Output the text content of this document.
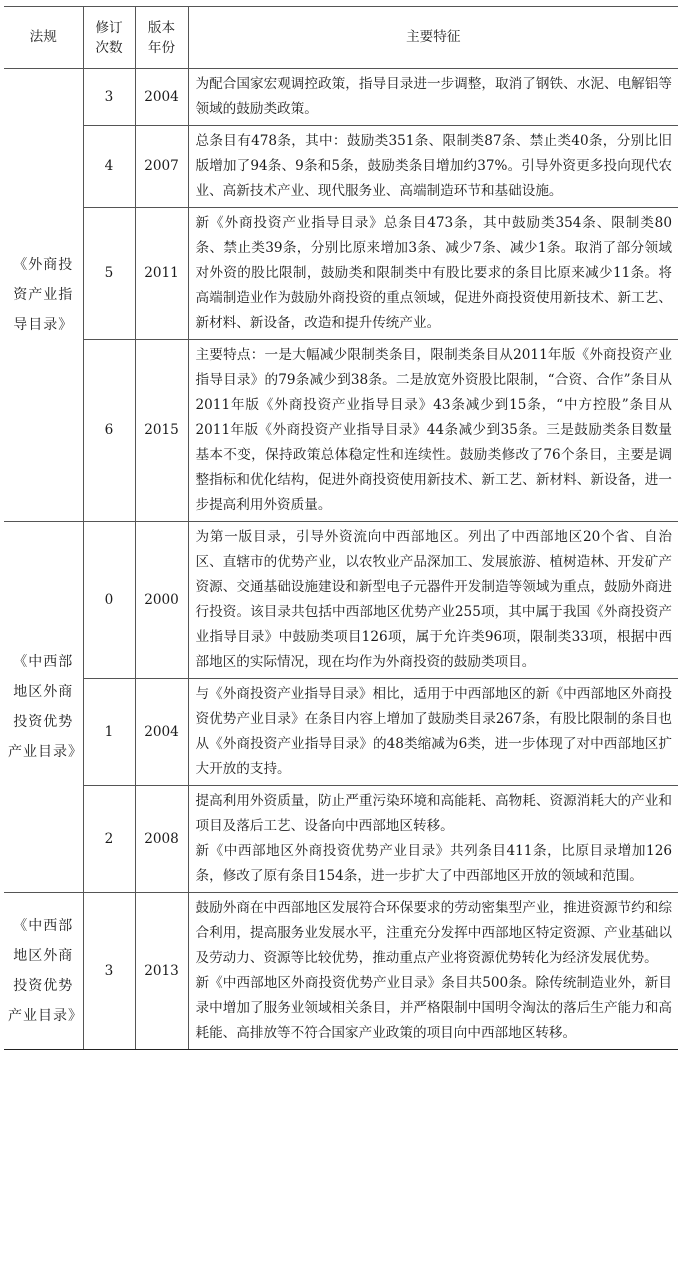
法规	修订次数	版本年份	主要特征
《外商投资产业指导目录》	3	2004	为配合国家宏观调控政策，指导目录进一步调整，取消了钢铁、水泥、电解铝等领域的鼓励类政策。

	4	2007	总条目有478条，其中：鼓励类351条、限制类87条、禁止类40条，分别比旧版增加了94条、9条和5条，鼓励类条目增加约37%。引导外资更多投向现代农业、高新技术产业、现代服务业、高端制造环节和基础设施。

	5	2011	新《外商投资产业指导目录》总条目473条，其中鼓励类354条、限制类80条、禁止类39条，分别比原来增加3条、减少7条、减少1条。取消了部分领域对外资的股比限制，鼓励类和限制类中有股比要求的条目比原来减少11条。将高端制造业作为鼓励外商投资的重点领域，促进外商投资使用新技术、新工艺、新材料、新设备，改造和提升传统产业。

	6	2015	主要特点：一是大幅减少限制类条目，限制类条目从2011年版《外商投资产业指导目录》的79条减少到38条。二是放宽外资股比限制，“合资、合作”条目从2011年版《外商投资产业指导目录》43条减少到15条，“中方控股”条目从2011年版《外商投资产业指导目录》44条减少到35条。三是鼓励类条目数量基本不变，保持政策总体稳定性和连续性。鼓励类修改了76个条目，主要是调整指标和优化结构，促进外商投资使用新技术、新工艺、新材料、新设备，进一步提高利用外资质量。

《中西部地区外商投资优势产业目录》	0	2000	为第一版目录，引导外资流向中西部地区。列出了中西部地区20个省、自治区、直辖市的优势产业，以农牧业产品深加工、发展旅游、植树造林、开发矿产资源、交通基础设施建设和新型电子元器件开发制造等领域为重点，鼓励外商进行投资。该目录共包括中西部地区优势产业255项，其中属于我国《外商投资产业指导目录》中鼓励类项目126项，属于允许类96项，限制类33项，根据中西部地区的实际情况，现在均作为外商投资的鼓励类项目。

	1	2004	与《外商投资产业指导目录》相比，适用于中西部地区的新《中西部地区外商投资优势产业目录》在条目内容上增加了鼓励类目录267条，有股比限制的条目也从《外商投资产业指导目录》的48类缩减为6类，进一步体现了对中西部地区扩大开放的支持。

	2	2008	提高利用外资质量，防止严重污染环境和高能耗、高物耗、资源消耗大的产业和项目及落后工艺、设备向中西部地区转移。

新《中西部地区外商投资优势产业目录》共列条目411条，比原目录增加126条，修改了原有条目154条，进一步扩大了中西部地区开放的领域和范围。

《中西部地区外商投资优势产业目录》	3	2013	鼓励外商在中西部地区发展符合环保要求的劳动密集型产业，推进资源节约和综合利用，提高服务业发展水平，注重充分发挥中西部地区特定资源、产业基础以及劳动力、资源等比较优势，推动重点产业将资源优势转化为经济发展优势。

新《中西部地区外商投资优势产业目录》条目共500条。除传统制造业外，新目录中增加了服务业领域相关条目，并严格限制中国明令淘汰的落后生产能力和高耗能、高排放等不符合国家产业政策的项目向中西部地区转移。
